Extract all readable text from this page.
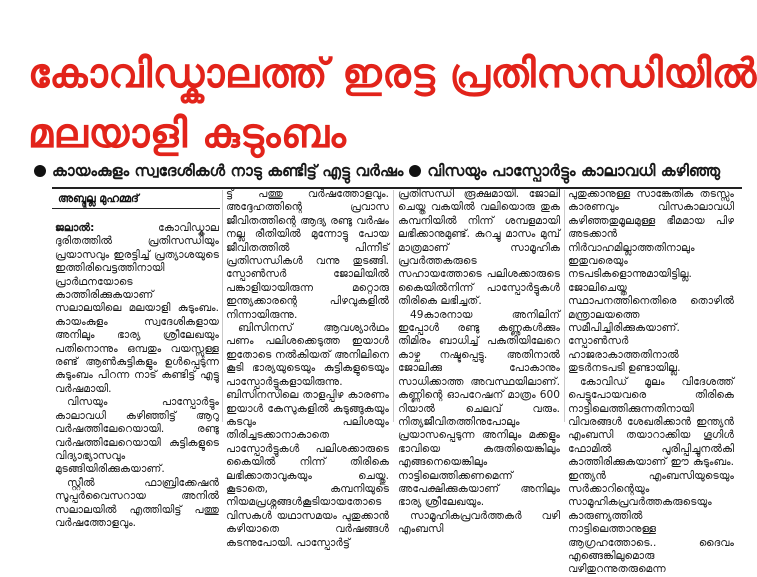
കോവിഡ്കാലത്ത് ഇരട്ട പ്രതിസന്ധിയിൽ
മലയാളി കുടുംബം
കായംകുളം സ്വദേശികൾ നാടു കണ്ടിട്ട് എട്ടു വർഷം വിസയും പാസ്പോർട്ടും കാലാവധി കഴിഞ്ഞു
അബ്ദുല്ല മുഹമ്മദ്

ജലാൽ:	കോവിഡ്കാല ദുരിതത്തിൽ പ്രതിസന്ധിയും പ്രയാസവും ഇരട്ടിച്ച് പ്രത്യാശയുടെ ഇത്തിരിവെട്ടത്തിനായി പ്രാർഥനയോടെ കാത്തിരിക്കുകയാണ് സലാലയിലെ മലയാളി കുടുംബം. കായംകുളം സ്വദേശികളായ അനിലും ഭാര്യ ശ്രീലേഖയും പതിനൊന്നും ഒമ്പതും വയസ്സുള്ള രണ്ട് ആൺകുട്ടികളും ഉൾപ്പെടുന്ന കുടുംബം പിറന്ന നാട് കണ്ടിട്ട് എട്ടു വർഷമായി.

വിസയും പാസ്പോർട്ടും കാലാവധി കഴിഞ്ഞിട്ട് ആറു വർഷത്തിലേറെയായി. രണ്ടു വർഷത്തിലേറെയായി കുട്ടികളുടെ വിദ്യാഭ്യാസവും മുടങ്ങിയിരിക്കുകയാണ്.

സ്റ്റീൽ ഫാബ്രിക്കേഷൻ സൂപ്പർവൈസറായ അനിൽ സലാലയിൽ എത്തിയിട്ട് പത്തു വർഷത്തോളവും.

ട്ട് പത്തു വർഷത്തോളവും. അദ്ദേഹത്തിന്റെ പ്രവാസ ജീവിതത്തിന്റെ ആദ്യ രണ്ടു വർഷം നല്ല രീതിയിൽ മുന്നോട്ടു പോയ ജീവിതത്തിൽ പിന്നീട് പ്രതിസന്ധികൾ വന്നു തുടങ്ങി. സ്പോൺസർ ജോലിയിൽ പങ്കാളിയായിരുന്ന മറ്റൊരു ഇന്ത്യക്കാരന്റെ പിഴവുകളിൽ നിന്നായിരുന്നു.

ബിസിനസ് ആവശ്യാർഥം പണം പലിശക്കെടുത്ത ഇയാൾ ഇതോടെ നൽകിയത് അനിലിനെ കൂടി ഭാര്യയുടെയും കുട്ടികളുടെയും പാസ്പോർട്ടുകളായിരുന്നു. ബിസിനസിലെ താളപ്പിഴ കാരണം ഇയാൾ കേസുകളിൽ കുടുങ്ങുകയും കടവും പലിശയും തിരിച്ചടക്കാനാകാതെ പാസ്പോർട്ടുകൾ പലിശക്കാരുടെ കൈയിൽ നിന്ന് തിരികെ ലഭിക്കാതാവുകയും ചെയ്തു. കൂടാതെ, കമ്പനിയുടെ നിയമപ്രശ്നങ്ങൾകൂടിയായതോടെ വിസകൾ യഥാസമയം പുതുക്കാൻ കഴിയാതെ വർഷങ്ങൾ കടന്നുപോയി. പാസ്പോർട്ട്

പ്രതിസന്ധി രൂക്ഷമായി. ജോലി ചെയ്ത വകയിൽ വലിയൊരു തുക കമ്പനിയിൽ നിന്ന് ശമ്പളമായി ലഭിക്കാനുമുണ്ട്. കുറച്ചു മാസം മുമ്പ് മാത്രമാണ് സാമൂഹിക പ്രവർത്തകരുടെ സഹായത്തോടെ പലിശക്കാരുടെ കൈയിൽനിന്ന് പാസ്പോർട്ടുകൾ തിരികെ ലഭിച്ചത്.

49കാരനായ അനിലിന് ഇപ്പോൾ രണ്ടു കണ്ണുകൾക്കും തിമിരം ബാധിച്ച് പകുതിയിലേറെ കാഴ്ച നഷ്ടപ്പെട്ടു. അതിനാൽ ജോലിക്കു പോകാനും സാധിക്കാത്ത അവസ്ഥയിലാണ്. കണ്ണിന്റെ ഓപറേഷന് മാത്രം 600 റിയാൽ ചെലവ് വരും. നിത്യജീവിതത്തിനുപോലും പ്രയാസപ്പെടുന്ന അനിലും മക്കളും ഭാവിയെ കരുതിയെങ്കിലും എങ്ങനെയെങ്കിലും നാട്ടിലെത്തിക്കണമെന്ന് അപേക്ഷിക്കുകയാണ് അനിലും ഭാര്യ ശ്രീലേഖയും.

സാമൂഹികപ്രവർത്തകർ വഴി എംബസി

പുതുക്കാനുള്ള സാങ്കേതിക തടസ്സം കാരണവും വിസകാലാവധി കഴിഞ്ഞതുമൂലമുള്ള ഭീമമായ പിഴ അടക്കാൻ നിർവാഹമില്ലാത്തതിനാലും ഇതുവരെയും നടപടികളൊന്നുമായിട്ടില്ല. ജോലിചെയ്ത സ്ഥാപനത്തിനെതിരെ തൊഴിൽ മന്ത്രാലയത്തെ സമീപിച്ചിരിക്കുകയാണ്. സ്പോൺസർ ഹാജരാകാത്തതിനാൽ തുടർനടപടി ഉണ്ടായില്ല.

കോവിഡ് മൂലം വിദേശത്ത് പെട്ടുപോയവരെ തിരികെ നാട്ടിലെത്തിക്കുന്നതിനായി വിവരങ്ങൾ ശേഖരിക്കാൻ ഇന്ത്യൻ എംബസി തയാറാക്കിയ ഗൂഗിൾ ഫോമിൽ പൂരിപ്പിച്ചുനൽകി കാത്തിരിക്കുകയാണ് ഈ കുടുംബം. ഇന്ത്യൻ എംബസിയുടെയും സർക്കാറിന്റെയും സാമൂഹികപ്രവർത്തകരുടെയും കാരുണ്യത്തിൽ നാട്ടിലെത്താനുള്ള ആഗ്രഹത്തോടെ.. ദൈവം എങ്ങെങ്കിലുമൊരു വഴിതുറന്നുതരുമെന്ന
